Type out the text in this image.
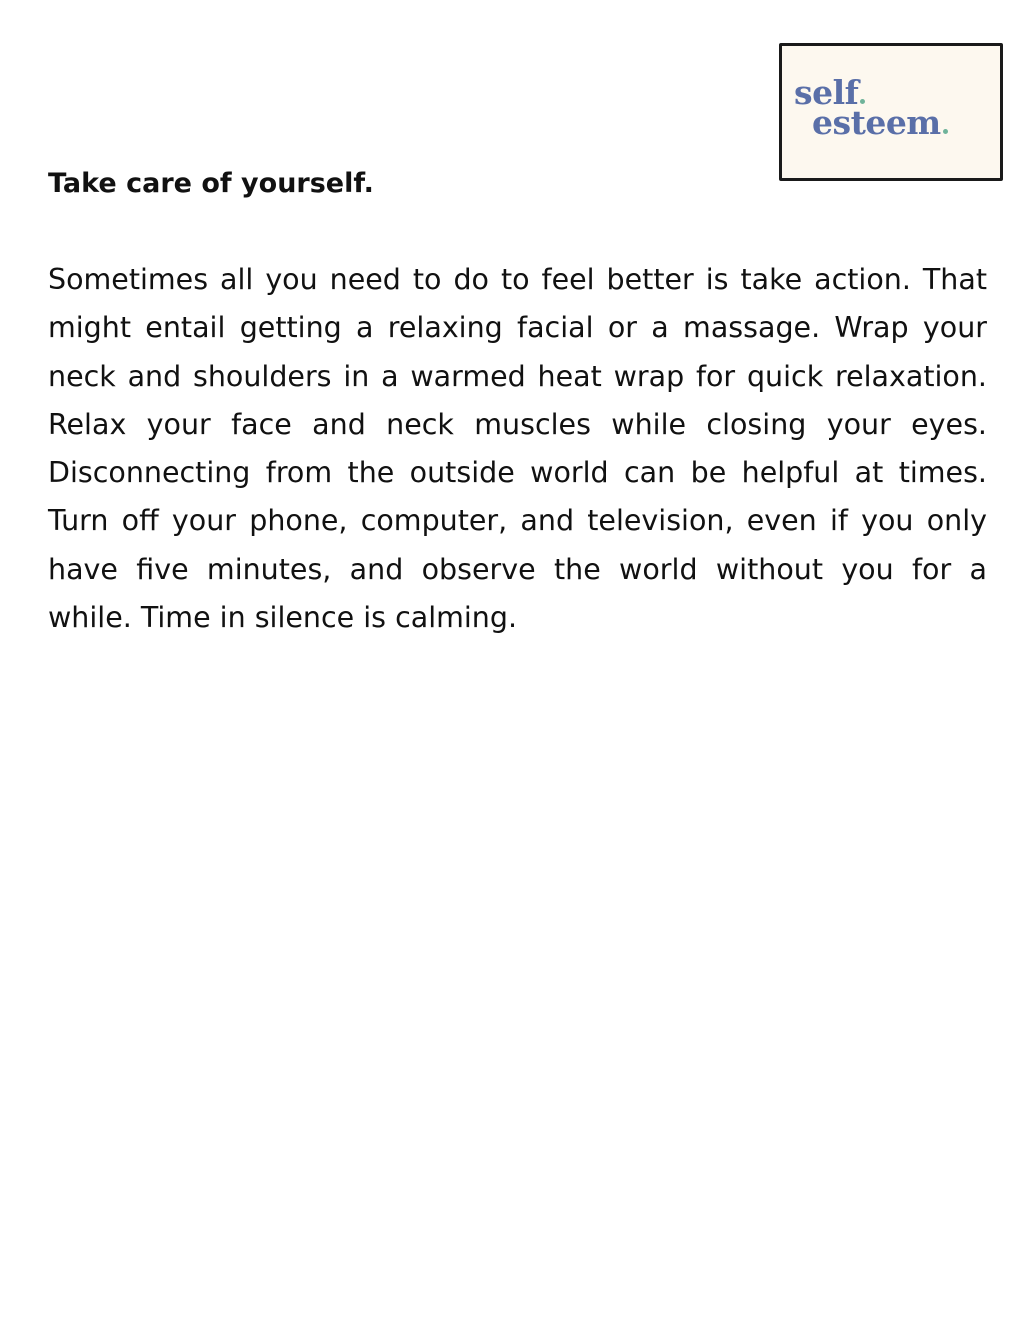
self
esteem
Take care of yourself.

Sometimes all you need to do to feel better is take action. That might entail getting a relaxing facial or a massage. Wrap your neck and shoulders in a warmed heat wrap for quick relaxation. Relax your face and neck muscles while closing your eyes. Disconnecting from the outside world can be helpful at times. Turn off your phone, computer, and television, even if you only have five minutes, and observe the world without you for a while. Time in silence is calming.
